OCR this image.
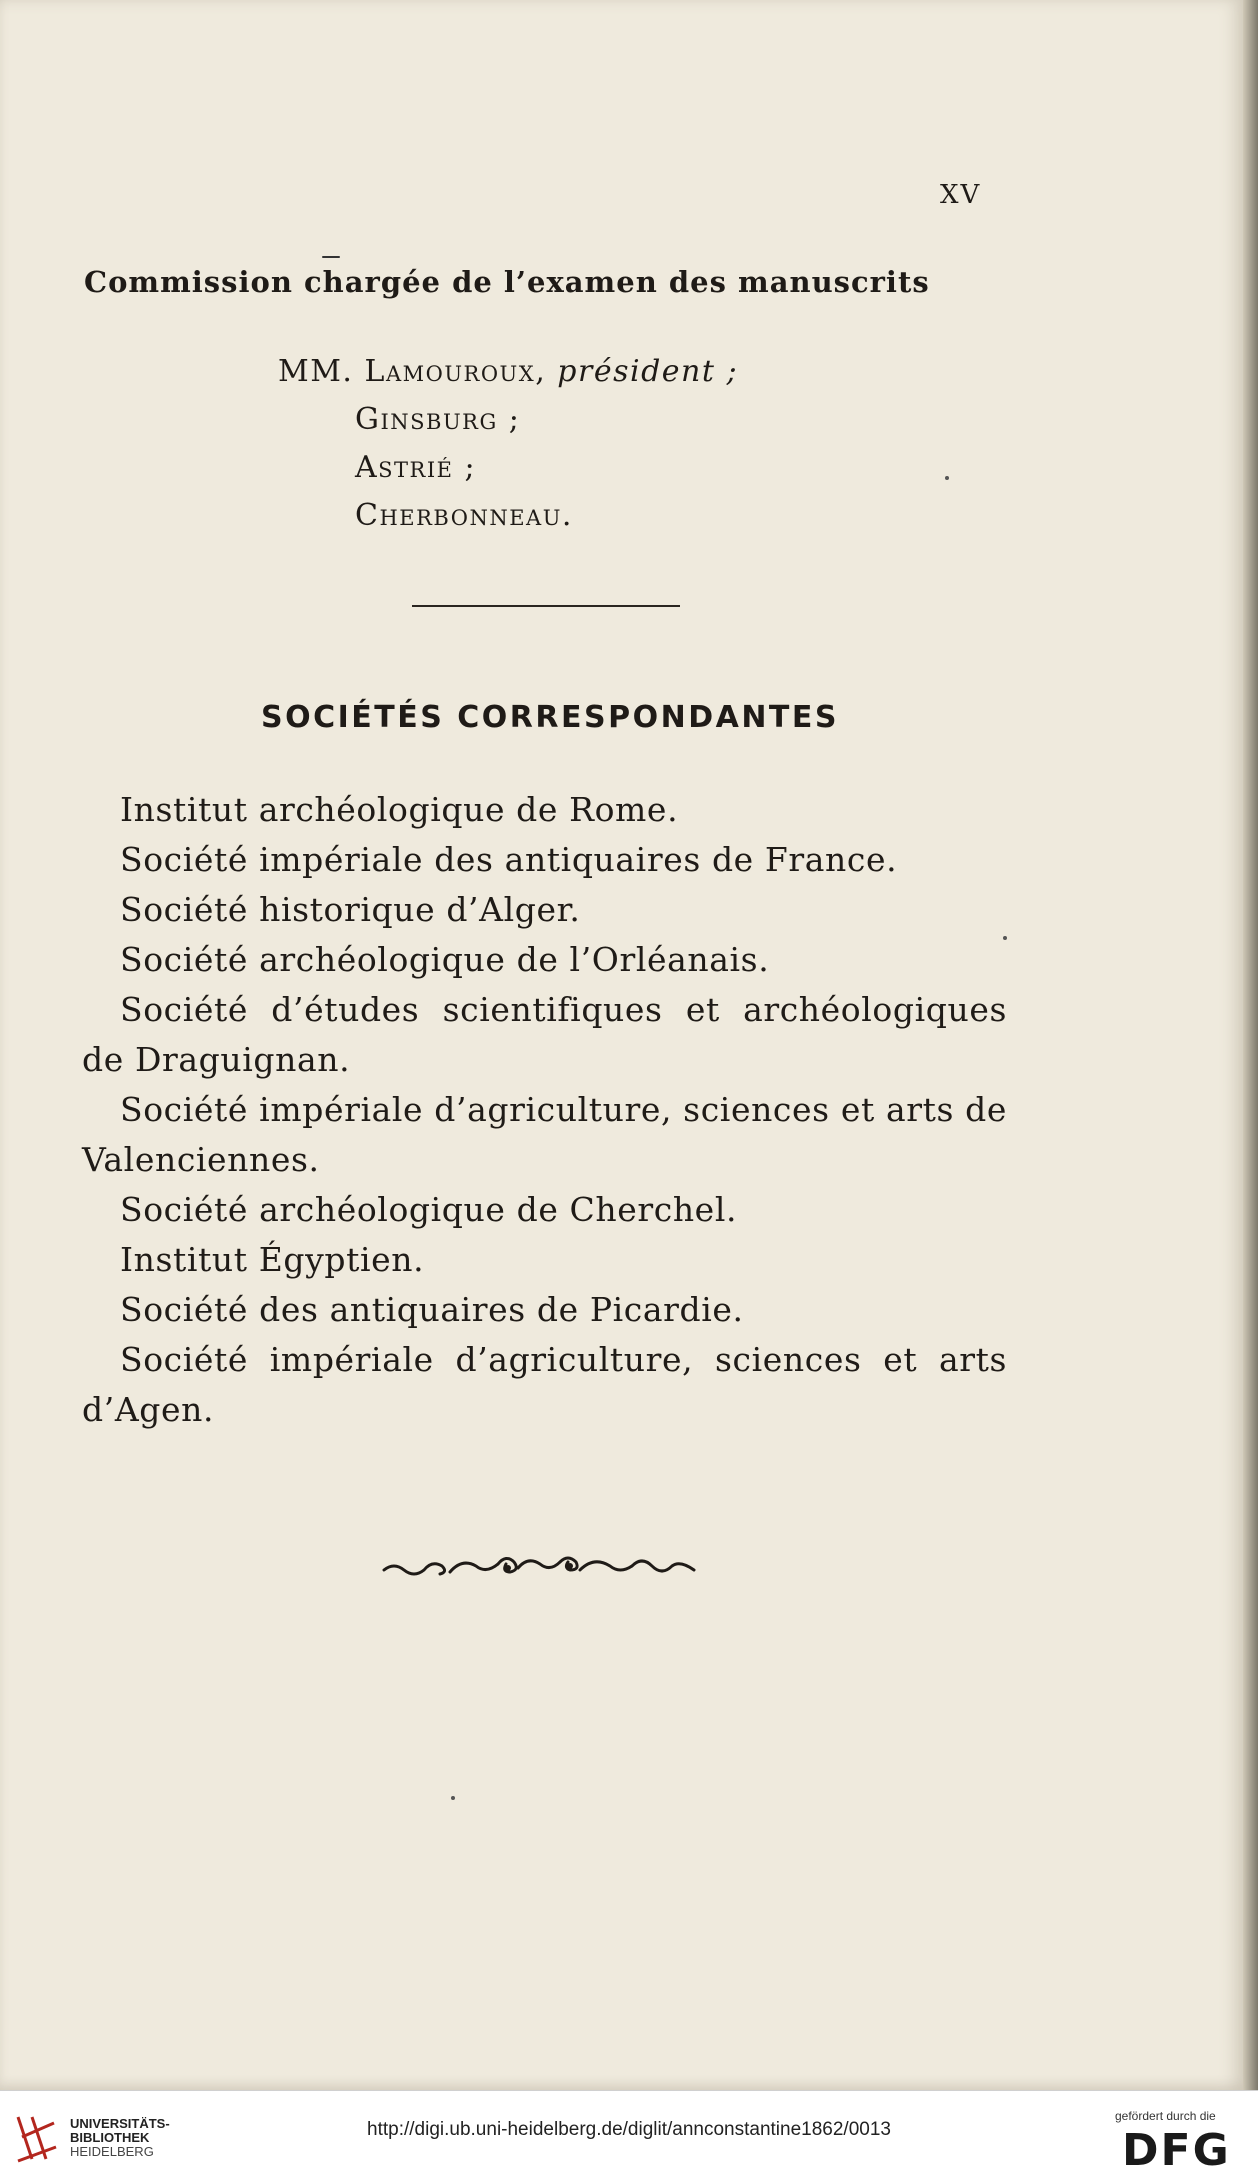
XV
Commission chargée de l’examen des manuscrits
MM. Lamouroux, président ;
Ginsburg ;
Astrié ;
Cherbonneau.
SOCIÉTÉS CORRESPONDANTES
Institut archéologique de Rome.
Société impériale des antiquaires de France.
Société historique d’Alger.
Société archéologique de l’Orléanais.
Société d’études scientifiques et archéologiques de Draguignan.
Société impériale d’agriculture, sciences et arts de Valenciennes.
Société archéologique de Cherchel.
Institut Égyptien.
Société des antiquaires de Picardie.
Société impériale d’agriculture, sciences et arts d’Agen.
UNIVERSITÄTS-
BIBLIOTHEK
HEIDELBERG
http://digi.ub.uni-heidelberg.de/diglit/annconstantine1862/0013
gefördert durch die
DFG
